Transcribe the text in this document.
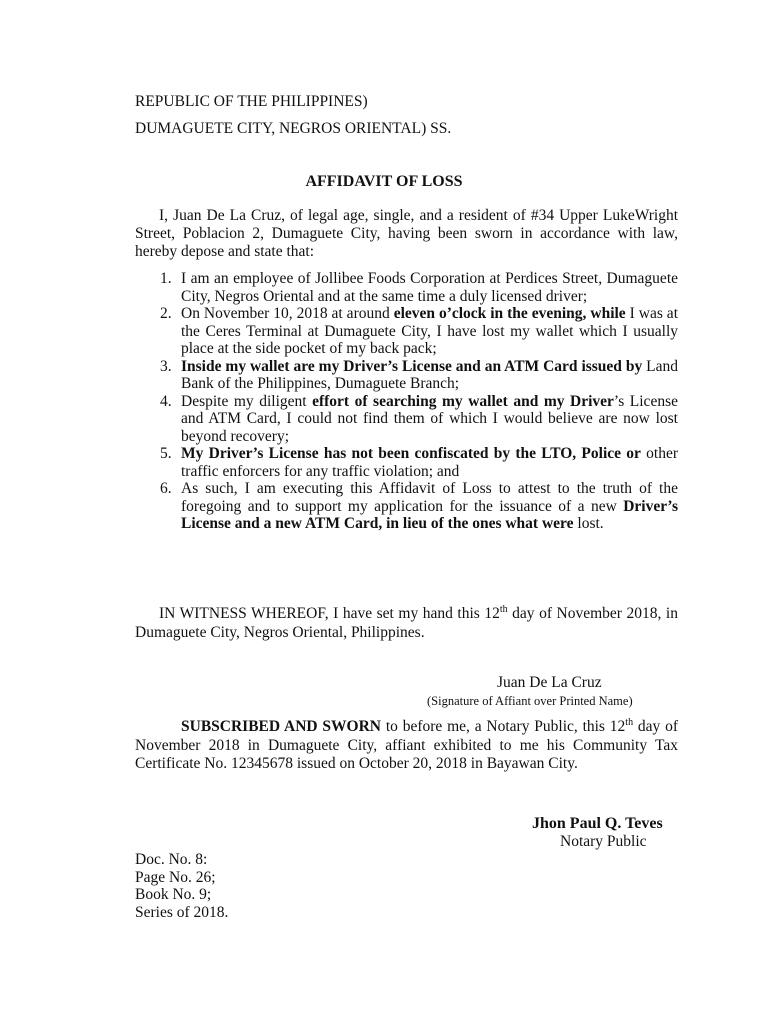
REPUBLIC OF THE PHILIPPINES)
DUMAGUETE CITY, NEGROS ORIENTAL) SS.
AFFIDAVIT OF LOSS
I, Juan De La Cruz, of legal age, single, and a resident of #34 Upper LukeWright Street, Poblacion 2, Dumaguete City, having been sworn in accordance with law, hereby depose and state that:
1. I am an employee of Jollibee Foods Corporation at Perdices Street, Dumaguete City, Negros Oriental and at the same time a duly licensed driver;
2. On November 10, 2018 at around eleven o’clock in the evening, while I was at the Ceres Terminal at Dumaguete City, I have lost my wallet which I usually place at the side pocket of my back pack;
3. Inside my wallet are my Driver’s License and an ATM Card issued by Land Bank of the Philippines, Dumaguete Branch;
4. Despite my diligent effort of searching my wallet and my Driver’s License and ATM Card, I could not find them of which I would believe are now lost beyond recovery;
5. My Driver’s License has not been confiscated by the LTO, Police or other traffic enforcers for any traffic violation; and
6. As such, I am executing this Affidavit of Loss to attest to the truth of the foregoing and to support my application for the issuance of a new Driver’s License and a new ATM Card, in lieu of the ones what were lost.
IN WITNESS WHEREOF, I have set my hand this 12th day of November 2018, in Dumaguete City, Negros Oriental, Philippines.
Juan De La Cruz
(Signature of Affiant over Printed Name)
SUBSCRIBED AND SWORN to before me, a Notary Public, this 12th day of November 2018 in Dumaguete City, affiant exhibited to me his Community Tax Certificate No. 12345678 issued on October 20, 2018 in Bayawan City.
Jhon Paul Q. Teves
Notary Public
Doc. No. 8:
Page No. 26;
Book No. 9;
Series of 2018.
